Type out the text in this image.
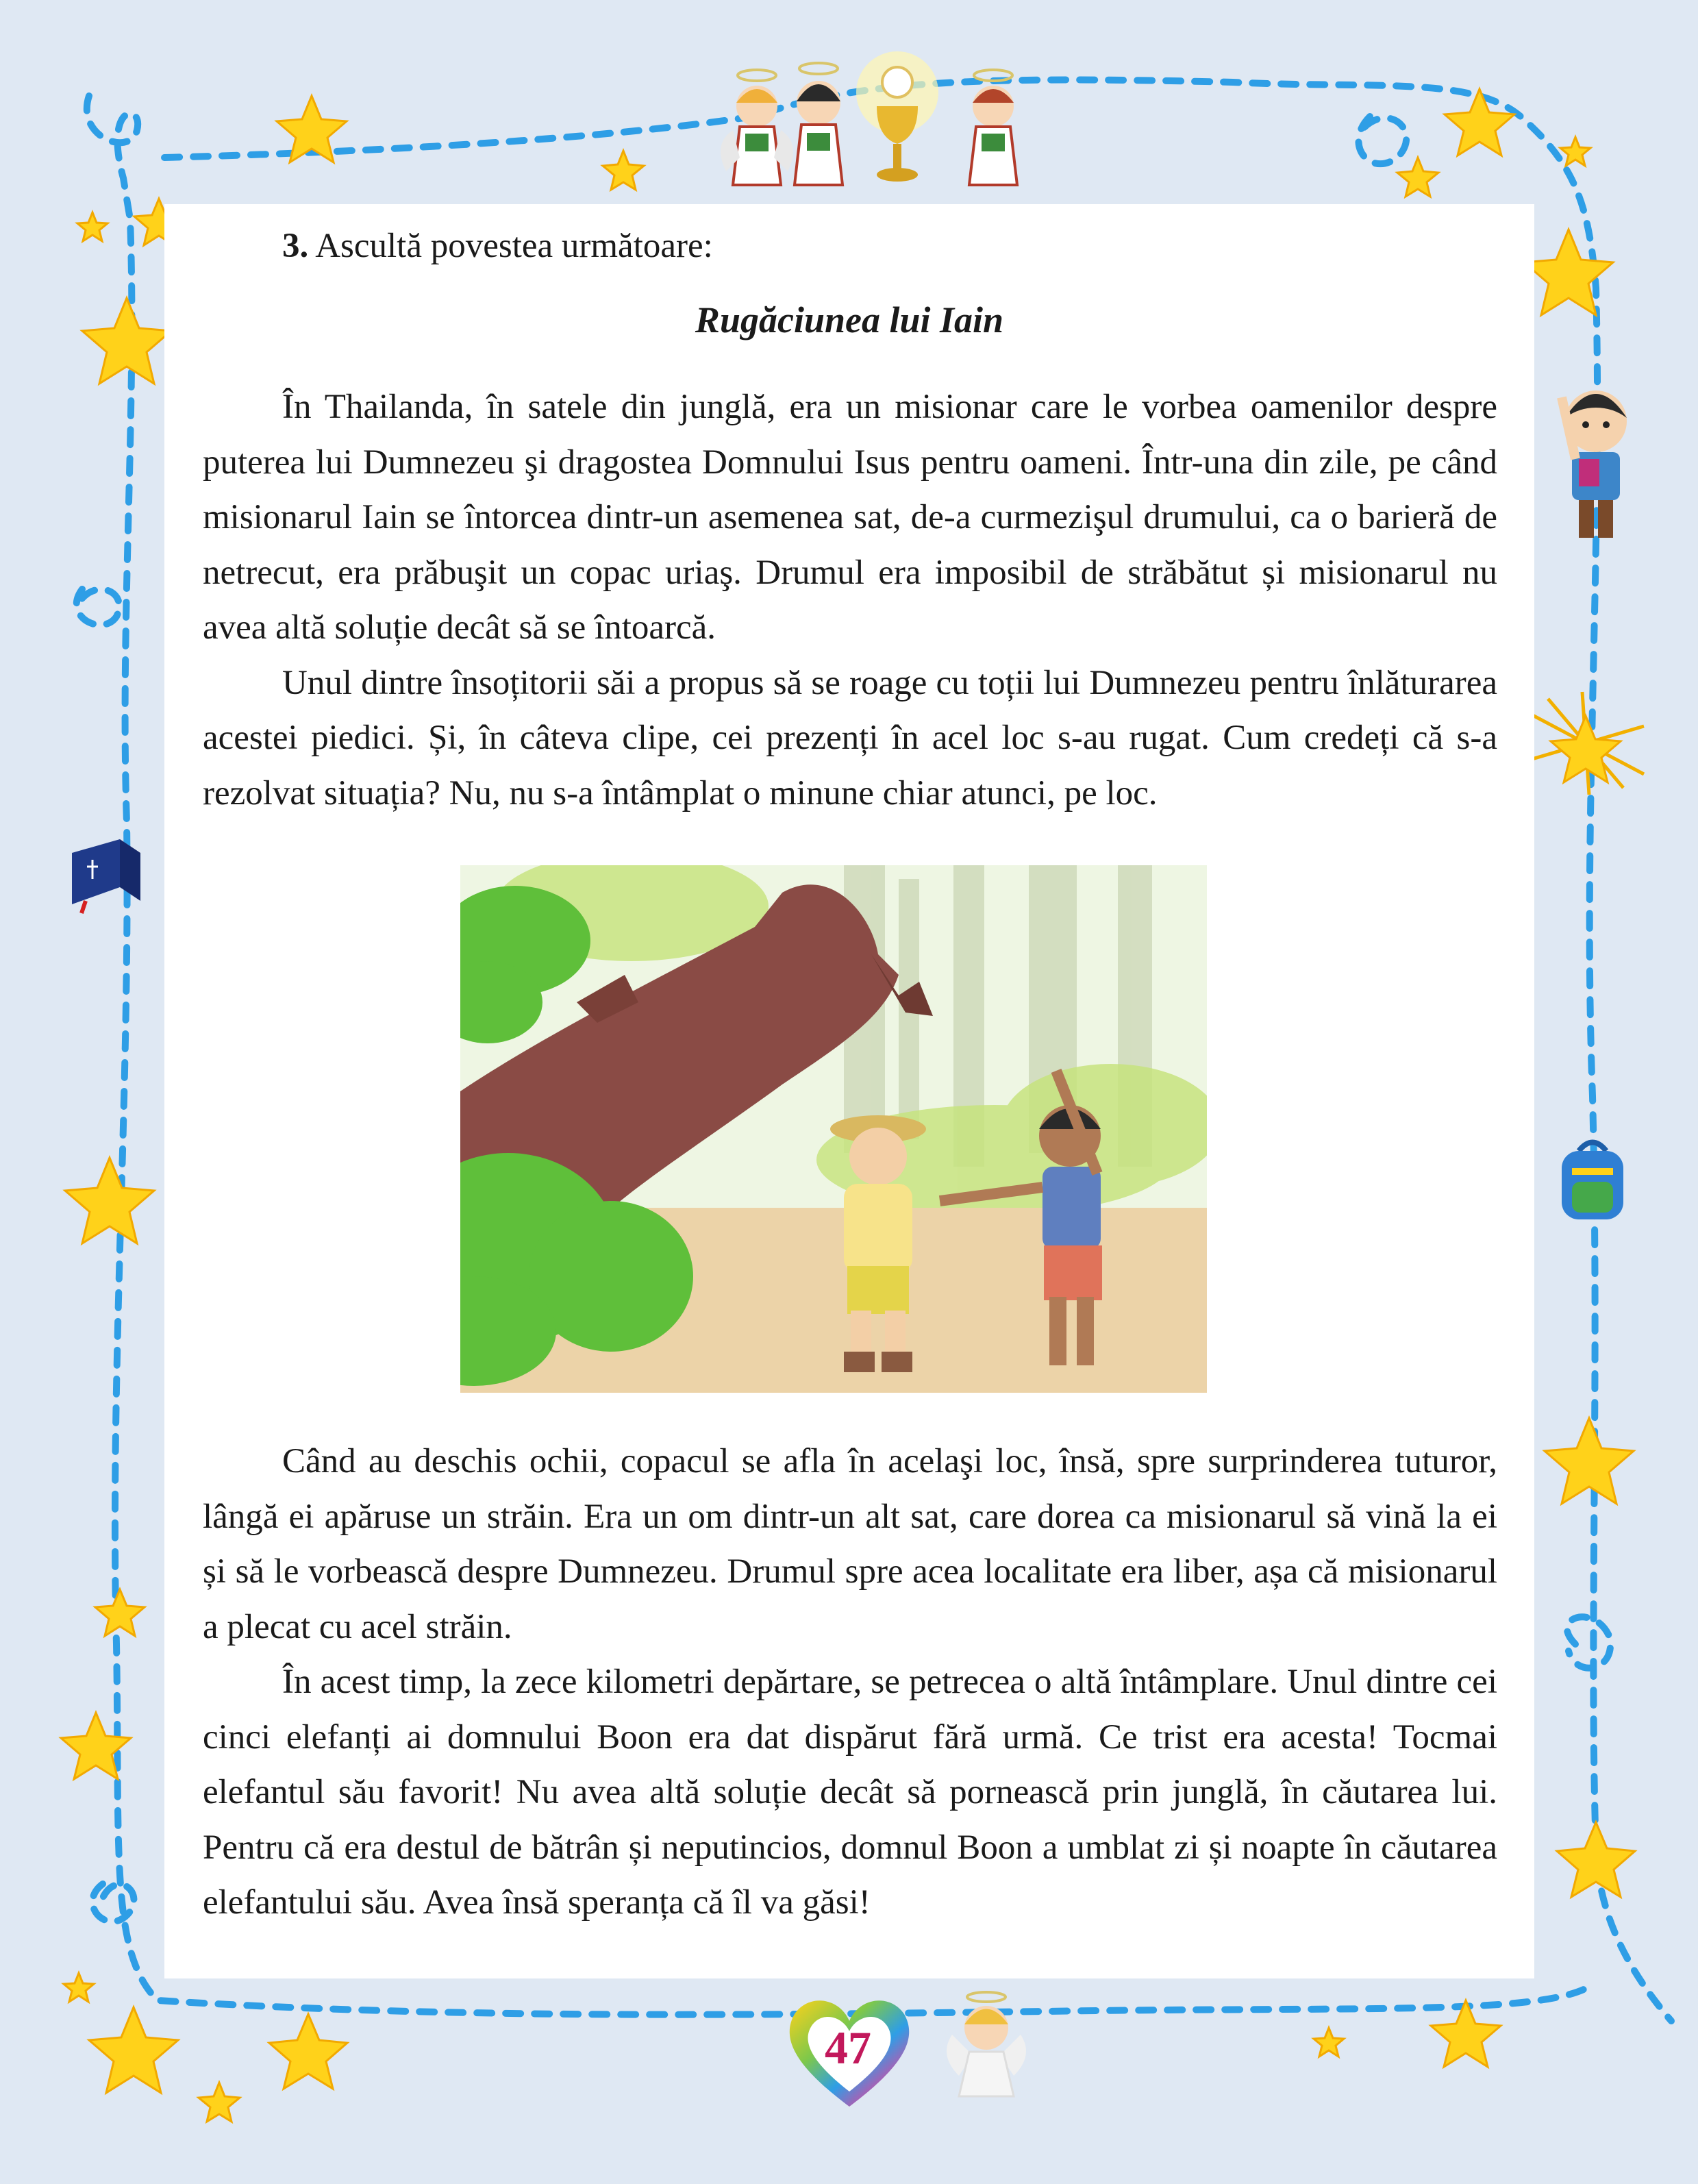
47
3. Ascultă povestea următoare:
Rugăciunea lui Iain

În Thailanda, în satele din junglă, era un misionar care le vorbea oamenilor despre puterea lui Dumnezeu şi dragostea Domnului Isus pentru oameni. Într-una din zile, pe când misionarul Iain se întorcea dintr-un asemenea sat, de-a curmezişul drumului, ca o barieră de netrecut, era prăbuşit un copac uriaş. Drumul era imposibil de străbătut și misionarul nu avea altă soluție decât să se întoarcă.

Unul dintre însoțitorii săi a propus să se roage cu toții lui Dumnezeu pentru înlăturarea acestei piedici. Și, în câteva clipe, cei prezenți în acel loc s-au rugat. Cum credeți că s-a rezolvat situația? Nu, nu s-a întâmplat o minune chiar atunci, pe loc.

Când au deschis ochii, copacul se afla în acelaşi loc, însă, spre surprinderea tuturor, lângă ei apăruse un străin. Era un om dintr-un alt sat, care dorea ca misionarul să vină la ei și să le vorbească despre Dumnezeu. Drumul spre acea localitate era liber, așa că misionarul a plecat cu acel străin.

În acest timp, la zece kilometri depărtare, se petrecea o altă întâmplare. Unul dintre cei cinci elefanți ai domnului Boon era dat dispărut fără urmă. Ce trist era acesta! Tocmai elefantul său favorit! Nu avea altă soluție decât să pornească prin junglă, în căutarea lui. Pentru că era destul de bătrân și neputincios, domnul Boon a umblat zi și noapte în căutarea elefantului său. Avea însă speranța că îl va găsi!
